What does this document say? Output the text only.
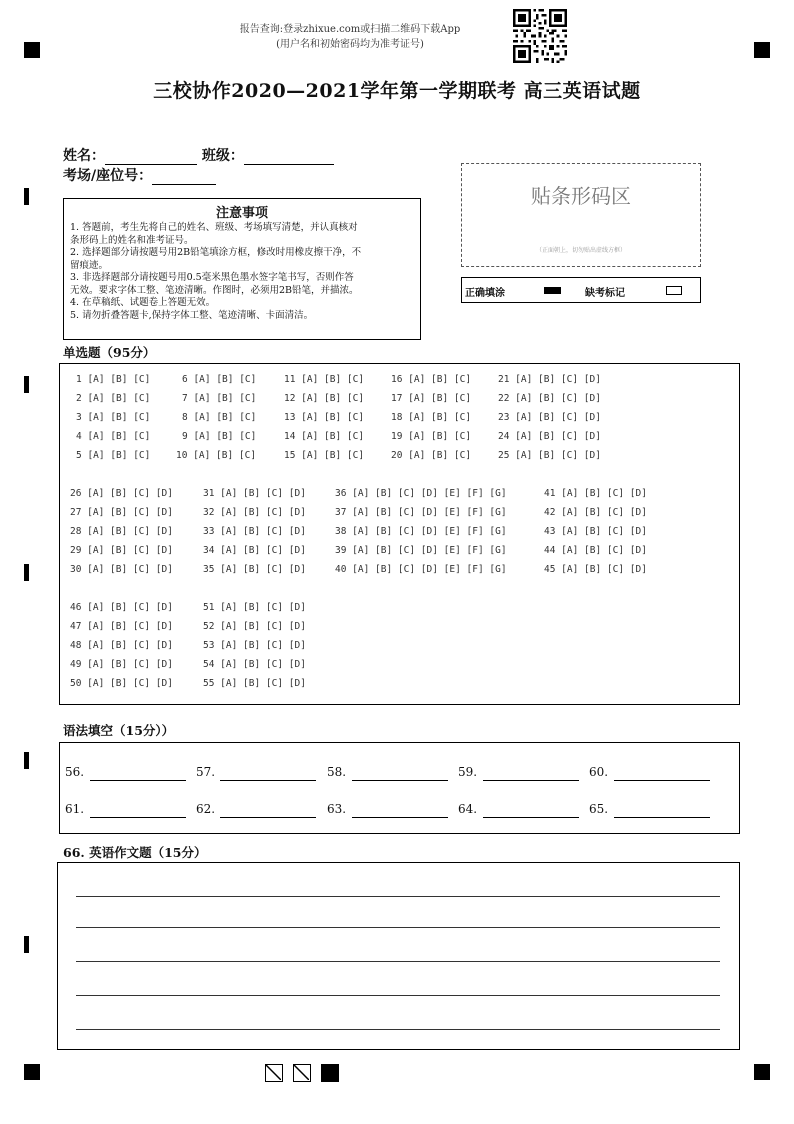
报告查询:登录zhixue.com或扫描二维码下载App
(用户名和初始密码均为准考证号)
三校协作2020—2021学年第一学期联考 高三英语试题
姓名：	班级：
考场/座位号：
注意事项
1. 答题前，考生先将自己的姓名、班级、考场填写清楚，并认真核对
条形码上的姓名和准考证号。
2. 选择题部分请按题号用2B铅笔填涂方框，修改时用橡皮擦干净，不
留痕迹。
3. 非选择题部分请按题号用0.5毫米黑色墨水签字笔书写，否则作答
无效。要求字体工整、笔迹清晰。作图时，必须用2B铅笔，并描浓。
4. 在草稿纸、试题卷上答题无效。
5. 请勿折叠答题卡,保持字体工整、笔迹清晰、卡面清洁。
贴条形码区
（正面朝上，切勿贴出虚线方框）
正确填涂	缺考标记
单选题（95分）
1 [A] [B] [C]	6 [A] [B] [C]	11 [A] [B] [C]	16 [A] [B] [C]	21 [A] [B] [C] [D]
2 [A] [B] [C]	7 [A] [B] [C]	12 [A] [B] [C]	17 [A] [B] [C]	22 [A] [B] [C] [D]
3 [A] [B] [C]	8 [A] [B] [C]	13 [A] [B] [C]	18 [A] [B] [C]	23 [A] [B] [C] [D]
4 [A] [B] [C]	9 [A] [B] [C]	14 [A] [B] [C]	19 [A] [B] [C]	24 [A] [B] [C] [D]
5 [A] [B] [C]	10 [A] [B] [C]	15 [A] [B] [C]	20 [A] [B] [C]	25 [A] [B] [C] [D]
26 [A] [B] [C] [D]	31 [A] [B] [C] [D]	36 [A] [B] [C] [D] [E] [F] [G]	41 [A] [B] [C] [D]
27 [A] [B] [C] [D]	32 [A] [B] [C] [D]	37 [A] [B] [C] [D] [E] [F] [G]	42 [A] [B] [C] [D]
28 [A] [B] [C] [D]	33 [A] [B] [C] [D]	38 [A] [B] [C] [D] [E] [F] [G]	43 [A] [B] [C] [D]
29 [A] [B] [C] [D]	34 [A] [B] [C] [D]	39 [A] [B] [C] [D] [E] [F] [G]	44 [A] [B] [C] [D]
30 [A] [B] [C] [D]	35 [A] [B] [C] [D]	40 [A] [B] [C] [D] [E] [F] [G]	45 [A] [B] [C] [D]
46 [A] [B] [C] [D]	51 [A] [B] [C] [D]
47 [A] [B] [C] [D]	52 [A] [B] [C] [D]
48 [A] [B] [C] [D]	53 [A] [B] [C] [D]
49 [A] [B] [C] [D]	54 [A] [B] [C] [D]
50 [A] [B] [C] [D]	55 [A] [B] [C] [D]
语法填空（15分））
56.	57.	58.	59.	60.
61.	62.	63.	64.	65.
66. 英语作文题（15分）
